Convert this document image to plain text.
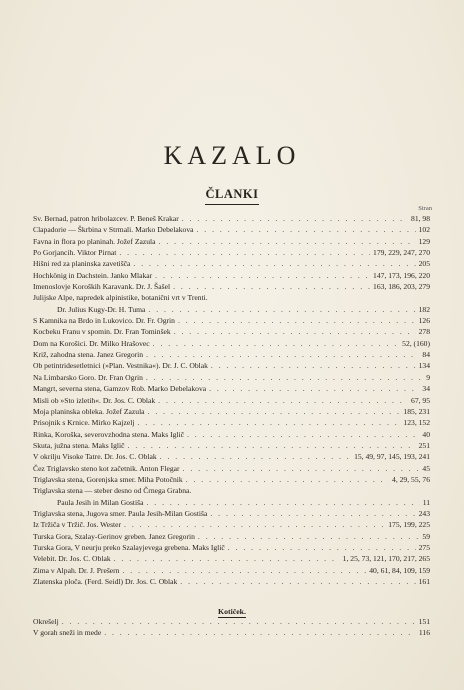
KAZALO
ČLANKI
Stran
Sv. Bernad, patron hribolazcev. P. Beneš Krakar . . .	81, 98
Clapadorie — Škrbina v Strmali. Marko Debelakova . . .	102
Favna in flora po planinah. Jožef Zazula . . .	129
Po Gorjancih. Viktor Pirnat . . .	179, 229, 247, 270
Hišni red za planinska zavetišča . . .	205
Hochkönig in Dachstein. Janko Mlakar . . .	147, 173, 196, 220
Imenoslovje Koroških Karavank. Dr. J. Šašel . . .	163, 186, 203, 279
Julijske Alpe, napredek alpinistike, botanični vrt v Trenti.
Dr. Julius Kugy-Dr. H. Tuma . . .	182
S Kamnika na Brdo in Lukovico. Dr. Fr. Ogrin . . .	126
Kocbeku Franu v spomin. Dr. Fran Tominšek . . .	278
Dom na Korošici. Dr. Milko Hrašovec . . .	52, (160)
Križ, zahodna stena. Janez Gregorin . . .	84
Ob petintridesetletnici (»Plan. Vestnika«). Dr. J. C. Oblak . . .	134
Na Limbarsko Goro. Dr. Fran Ogrin . . .	9
Mangrt, severna stena, Gamzov Rob. Marko Debelakova . . .	34
Misli ob »Sto izletih«. Dr. Jos. C. Oblak . . .	67, 95
Moja planinska obleka. Jožef Zazula . . .	185, 231
Prisojnik s Krnice. Mirko Kajzelj . . .	123, 152
Rinka, Koroška, severovzhodna stena. Maks Iglič . . .	40
Skuta, južna stena. Maks Iglič . . .	251
V okrilju Visoke Tatre. Dr. Jos. C. Oblak . . .	15, 49, 97, 145, 193, 241
Čez Triglavsko steno kot začetnik. Anton Flegar . . .	45
Triglavska stena, Gorenjska smer. Miha Potočnik . . .	4, 29, 55, 76
Triglavska stena — steber desno od Črnega Grabna.
Paula Jesih in Milan Gostiša . . .	11
Triglavska stena, Jugova smer. Paula Jesih-Milan Gostiša . . .	243
Iz Tržiča v Tržič. Jos. Wester . . .	175, 199, 225
Turska Gora, Szalay-Gerinov greben. Janez Gregorin . . .	59
Turska Gora, V neurju preko Szalayjevega grebena. Maks Iglič . . .	275
Velebit. Dr. Jos. C. Oblak . . .	1, 25, 73, 121, 170, 217, 265
Zima v Alpah. Dr. J. Prešern . . .	40, 61, 84, 109, 159
Zlatenska ploča. (Ferd. Seidl) Dr. Jos. C. Oblak . . .	161
Kotiček.
Okrešelj . . .	151
V gorah sneži in mede . . .	116
